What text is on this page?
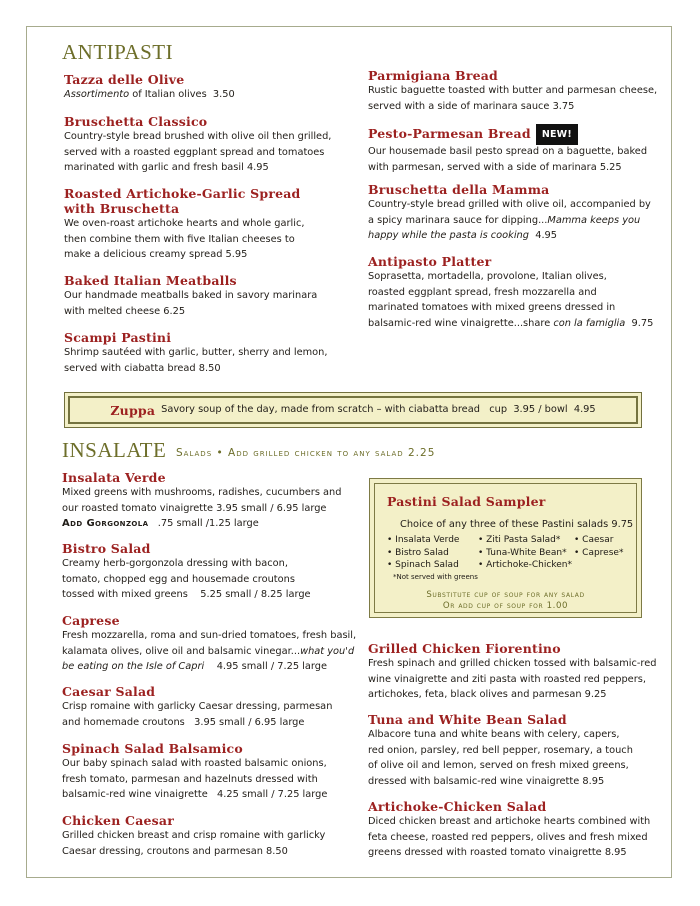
ANTIPASTI
Tazza delle Olive
Assortimento of Italian olives  3.50
Bruschetta Classico
Country-style bread brushed with olive oil then grilled,
served with a roasted eggplant spread and tomatoes
marinated with garlic and fresh basil 4.95
Roasted Artichoke-Garlic Spread
with Bruschetta
We oven-roast artichoke hearts and whole garlic,
then combine them with five Italian cheeses to
make a delicious creamy spread 5.95
Baked Italian Meatballs
Our handmade meatballs baked in savory marinara
with melted cheese 6.25
Scampi Pastini
Shrimp sautéed with garlic, butter, sherry and lemon,
served with ciabatta bread 8.50
Parmigiana Bread
Rustic baguette toasted with butter and parmesan cheese,
served with a side of marinara sauce 3.75
Pesto-Parmesan Bread NEW!
Our housemade basil pesto spread on a baguette, baked
with parmesan, served with a side of marinara 5.25
Bruschetta della Mamma
Country-style bread grilled with olive oil, accompanied by
a spicy marinara sauce for dipping...Mamma keeps you
happy while the pasta is cooking  4.95
Antipasto Platter
Soprasetta, mortadella, provolone, Italian olives,
roasted eggplant spread, fresh mozzarella and
marinated tomatoes with mixed greens dressed in
balsamic-red wine vinaigrette...share con la famiglia  9.75
Zuppa Savory soup of the day, made from scratch – with ciabatta bread   cup  3.95 / bowl  4.95
INSALATE Salads • Add grilled chicken to any salad 2.25
Insalata Verde
Mixed greens with mushrooms, radishes, cucumbers and
our roasted tomato vinaigrette 3.95 small / 6.95 large
Add Gorgonzola   .75 small /1.25 large
Bistro Salad
Creamy herb-gorgonzola dressing with bacon,
tomato, chopped egg and housemade croutons
tossed with mixed greens    5.25 small / 8.25 large
Caprese
Fresh mozzarella, roma and sun-dried tomatoes, fresh basil,
kalamata olives, olive oil and balsamic vinegar...what you'd
be eating on the Isle of Capri    4.95 small / 7.25 large
Caesar Salad
Crisp romaine with garlicky Caesar dressing, parmesan
and homemade croutons   3.95 small / 6.95 large
Spinach Salad Balsamico
Our baby spinach salad with roasted balsamic onions,
fresh tomato, parmesan and hazelnuts dressed with
balsamic-red wine vinaigrette   4.25 small / 7.25 large
Chicken Caesar
Grilled chicken breast and crisp romaine with garlicky
Caesar dressing, croutons and parmesan 8.50
Pastini Salad Sampler
Choice of any three of these Pastini salads 9.75
• Insalata Verde
• Bistro Salad
• Spinach Salad
• Ziti Pasta Salad*
• Tuna-White Bean*
• Artichoke-Chicken*
• Caesar
• Caprese*
*Not served with greens
Substitute cup of soup for any salad
Or add cup of soup for 1.00
Grilled Chicken Fiorentino
Fresh spinach and grilled chicken tossed with balsamic-red
wine vinaigrette and ziti pasta with roasted red peppers,
artichokes, feta, black olives and parmesan 9.25
Tuna and White Bean Salad
Albacore tuna and white beans with celery, capers,
red onion, parsley, red bell pepper, rosemary, a touch
of olive oil and lemon, served on fresh mixed greens,
dressed with balsamic-red wine vinaigrette 8.95
Artichoke-Chicken Salad
Diced chicken breast and artichoke hearts combined with
feta cheese, roasted red peppers, olives and fresh mixed
greens dressed with roasted tomato vinaigrette 8.95
